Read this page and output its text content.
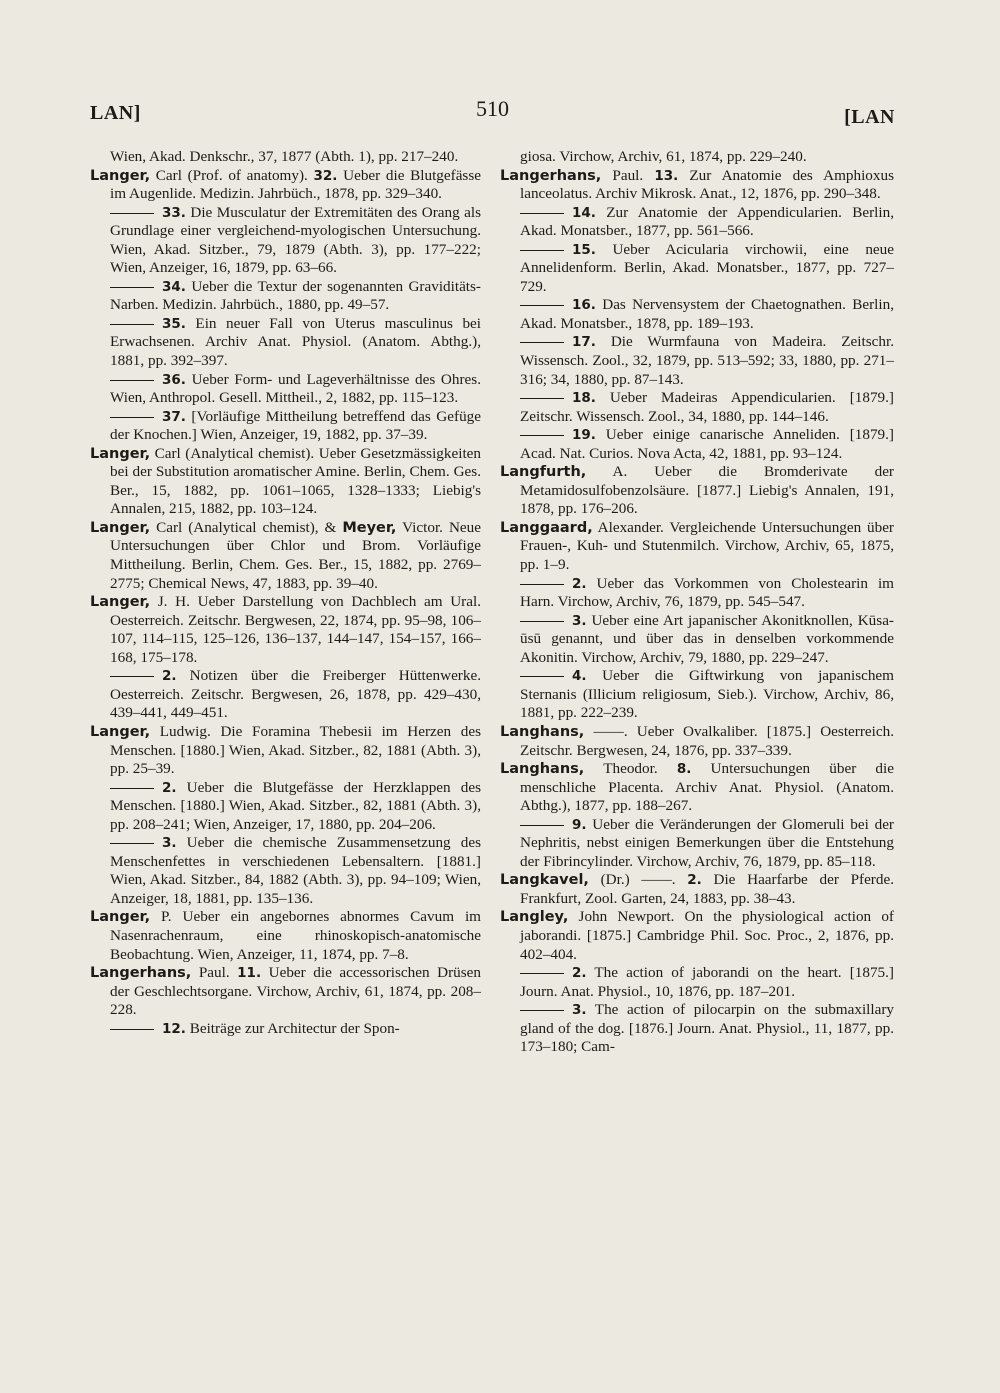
LAN]	510	[LAN

Wien, Akad. Denkschr., 37, 1877 (Abth. 1), pp. 217–240.

Langer, Carl (Prof. of anatomy). 32. Ueber die Blutgefässe im Augenlide. Medizin. Jahrbüch., 1878, pp. 329–340.

33. Die Musculatur der Extremitäten des Orang als Grundlage einer vergleichend-myologischen Untersuchung. Wien, Akad. Sitzber., 79, 1879 (Abth. 3), pp. 177–222; Wien, Anzeiger, 16, 1879, pp. 63–66.

34. Ueber die Textur der sogenannten Graviditäts-Narben. Medizin. Jahrbüch., 1880, pp. 49–57.

35. Ein neuer Fall von Uterus masculinus bei Erwachsenen. Archiv Anat. Physiol. (Anatom. Abthg.), 1881, pp. 392–397.

36. Ueber Form- und Lageverhältnisse des Ohres. Wien, Anthropol. Gesell. Mittheil., 2, 1882, pp. 115–123.

37. [Vorläufige Mittheilung betreffend das Gefüge der Knochen.] Wien, Anzeiger, 19, 1882, pp. 37–39.

Langer, Carl (Analytical chemist). Ueber Gesetzmässigkeiten bei der Substitution aromatischer Amine. Berlin, Chem. Ges. Ber., 15, 1882, pp. 1061–1065, 1328–1333; Liebig's Annalen, 215, 1882, pp. 103–124.

Langer, Carl (Analytical chemist), & Meyer, Victor. Neue Untersuchungen über Chlor und Brom. Vorläufige Mittheilung. Berlin, Chem. Ges. Ber., 15, 1882, pp. 2769–2775; Chemical News, 47, 1883, pp. 39–40.

Langer, J. H. Ueber Darstellung von Dachblech am Ural. Oesterreich. Zeitschr. Bergwesen, 22, 1874, pp. 95–98, 106–107, 114–115, 125–126, 136–137, 144–147, 154–157, 166–168, 175–178.

2. Notizen über die Freiberger Hüttenwerke. Oesterreich. Zeitschr. Bergwesen, 26, 1878, pp. 429–430, 439–441, 449–451.

Langer, Ludwig. Die Foramina Thebesii im Herzen des Menschen. [1880.] Wien, Akad. Sitzber., 82, 1881 (Abth. 3), pp. 25–39.

2. Ueber die Blutgefässe der Herzklappen des Menschen. [1880.] Wien, Akad. Sitzber., 82, 1881 (Abth. 3), pp. 208–241; Wien, Anzeiger, 17, 1880, pp. 204–206.

3. Ueber die chemische Zusammensetzung des Menschenfettes in verschiedenen Lebensaltern. [1881.] Wien, Akad. Sitzber., 84, 1882 (Abth. 3), pp. 94–109; Wien, Anzeiger, 18, 1881, pp. 135–136.

Langer, P. Ueber ein angebornes abnormes Cavum im Nasenrachenraum, eine rhinoskopisch-anatomische Beobachtung. Wien, Anzeiger, 11, 1874, pp. 7–8.

Langerhans, Paul. 11. Ueber die accessorischen Drüsen der Geschlechtsorgane. Virchow, Archiv, 61, 1874, pp. 208–228.

12. Beiträge zur Architectur der Spon-

giosa. Virchow, Archiv, 61, 1874, pp. 229–240.

Langerhans, Paul. 13. Zur Anatomie des Amphioxus lanceolatus. Archiv Mikrosk. Anat., 12, 1876, pp. 290–348.

14. Zur Anatomie der Appendicularien. Berlin, Akad. Monatsber., 1877, pp. 561–566.

15. Ueber Acicularia virchowii, eine neue Annelidenform. Berlin, Akad. Monatsber., 1877, pp. 727–729.

16. Das Nervensystem der Chaetognathen. Berlin, Akad. Monatsber., 1878, pp. 189–193.

17. Die Wurmfauna von Madeira. Zeitschr. Wissensch. Zool., 32, 1879, pp. 513–592; 33, 1880, pp. 271–316; 34, 1880, pp. 87–143.

18. Ueber Madeiras Appendicularien. [1879.] Zeitschr. Wissensch. Zool., 34, 1880, pp. 144–146.

19. Ueber einige canarische Anneliden. [1879.] Acad. Nat. Curios. Nova Acta, 42, 1881, pp. 93–124.

Langfurth, A. Ueber die Bromderivate der Metamidosulfobenzolsäure. [1877.] Liebig's Annalen, 191, 1878, pp. 176–206.

Langgaard, Alexander. Vergleichende Untersuchungen über Frauen-, Kuh- und Stutenmilch. Virchow, Archiv, 65, 1875, pp. 1–9.

2. Ueber das Vorkommen von Cholestearin im Harn. Virchow, Archiv, 76, 1879, pp. 545–547.

3. Ueber eine Art japanischer Akonitknollen, Kūsa-ūsū genannt, und über das in denselben vorkommende Akonitin. Virchow, Archiv, 79, 1880, pp. 229–247.

4. Ueber die Giftwirkung von japanischem Sternanis (Illicium religiosum, Sieb.). Virchow, Archiv, 86, 1881, pp. 222–239.

Langhans, ——. Ueber Ovalkaliber. [1875.] Oesterreich. Zeitschr. Bergwesen, 24, 1876, pp. 337–339.

Langhans, Theodor. 8. Untersuchungen über die menschliche Placenta. Archiv Anat. Physiol. (Anatom. Abthg.), 1877, pp. 188–267.

9. Ueber die Veränderungen der Glomeruli bei der Nephritis, nebst einigen Bemerkungen über die Entstehung der Fibrincylinder. Virchow, Archiv, 76, 1879, pp. 85–118.

Langkavel, (Dr.) ——. 2. Die Haarfarbe der Pferde. Frankfurt, Zool. Garten, 24, 1883, pp. 38–43.

Langley, John Newport. On the physiological action of jaborandi. [1875.] Cambridge Phil. Soc. Proc., 2, 1876, pp. 402–404.

2. The action of jaborandi on the heart. [1875.] Journ. Anat. Physiol., 10, 1876, pp. 187–201.

3. The action of pilocarpin on the submaxillary gland of the dog. [1876.] Journ. Anat. Physiol., 11, 1877, pp. 173–180; Cam-
